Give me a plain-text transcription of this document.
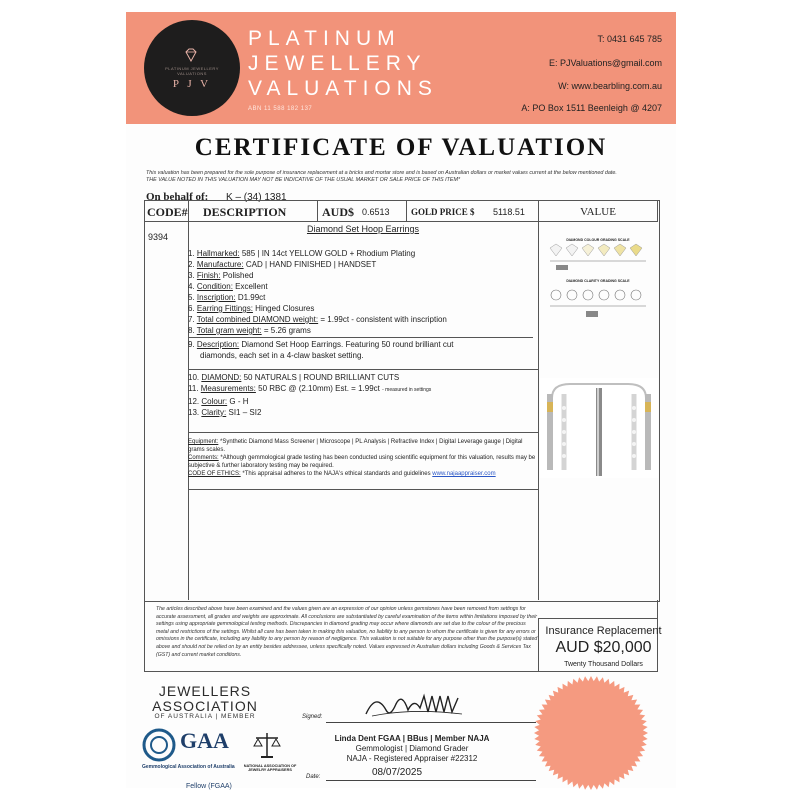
PLATINUM JEWELLERY VALUATIONS
P J V
PLATINUM
JEWELLERY
VALUATIONS
ABN 11 588 182 137
T: 0431 645 785
E: PJValuations@gmail.com
W: www.bearbling.com.au
A: PO Box 1511 Beenleigh @ 4207
CERTIFICATE OF VALUATION
This valuation has been prepared for the sole purpose of insurance replacement at a bricks and mortar store and is based on Australian dollars or market values current at the below mentioned date.
THE VALUE NOTED IN THIS VALUATION MAY NOT BE INDICATIVE OF THE USUAL MARKET OR SALE PRICE OF THIS ITEM*
On behalf of: K – (34) 1381
CODE# DESCRIPTION	AUD$ 0.6513 GOLD PRICE $ 5118.51	VALUE
9394
Diamond Set Hoop Earrings
1. Hallmarked: 585 | IN 14ct YELLOW GOLD + Rhodium Plating
2. Manufacture: CAD | HAND FINISHED | HANDSET
3. Finish: Polished
4. Condition: Excellent
5. Inscription: D1.99ct
6. Earring Fittings: Hinged Closures
7. Total combined DIAMOND weight: = 1.99ct - consistent with inscription
8. Total gram weight: = 5.26 grams
9. Description: Diamond Set Hoop Earrings. Featuring 50 round brilliant cut
diamonds, each set in a 4-claw basket setting.
10. DIAMOND: 50 NATURALS | ROUND BRILLIANT CUTS
11. Measurements: 50 RBC @ (2.10mm) Est. = 1.99ct - measured in settings
12. Colour: G - H
13. Clarity: SI1 – SI2
Equipment: *Synthetic Diamond Mass Screener | Microscope | PL Analysis | Refractive Index | Digital Leverage gauge | Digital grams scales.
Comments: *Although gemmological grade testing has been conducted using scientific equipment for this valuation, results may be subjective & further laboratory testing may be required.
CODE OF ETHICS: *This appraisal adheres to the NAJA's ethical standards and guidelines www.najaappraiser.com
DIAMOND COLOUR GRADING SCALE
DIAMOND CLARITY GRADING SCALE
The articles described above have been examined and the values given are an expression of our opinion unless gemstones have been removed from settings for accurate assessment, all grades and weights are approximate. All conclusions are substantiated by careful examination of the items within limitations imposed by their settings using appropriate gemmological testing methods. Discrepancies in diamond grading may occur where diamonds are set due to the colour of the precious metal and restrictions of the settings. Whilst all care has been taken in making this valuation, no liability to any person to whom the certificate is given for any errors or omissions in the certificate, including any liability to any person by reason of negligence. This valuation is not suitable for any purpose other than the purpose(s) stated above and should not be relied on by an entity besides addressee, unless specifically noted. Values expressed in Australian dollars including Goods & Services Tax (GST) and current market conditions.
Insurance Replacement
AUD $20,000
Twenty Thousand Dollars
JEWELLERS
ASSOCIATION
OF AUSTRALIA | MEMBER
GAA
Gemmological Association of Australia
Fellow (FGAA)
NATIONAL ASSOCIATION OF JEWELRY APPRAISERS
Signed:
Linda Dent FGAA | BBus | Member NAJA
Gemmologist | Diamond Grader
NAJA - Registered Appraiser #22312
Date:	08/07/2025
